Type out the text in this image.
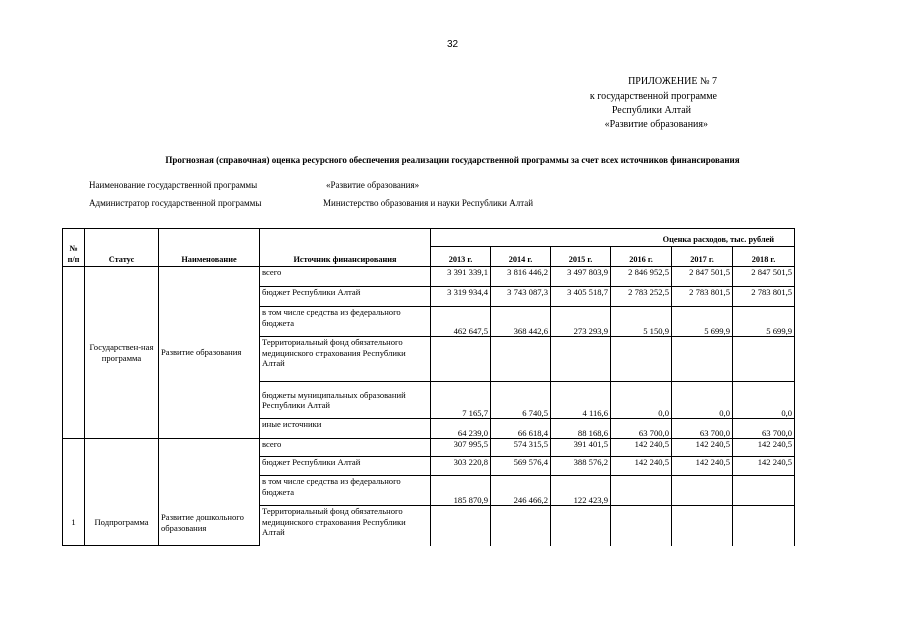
32
ПРИЛОЖЕНИЕ № 7
к государственной программе
Республики Алтай
«Развитие образования»
Прогнозная (справочная) оценка ресурсного обеспечения реализации государственной программы за счет всех источников финансирования
Наименование государственной программы	«Развитие образования»
Администратор государственной программы	Министерство образования и науки Республики Алтай
№ п/п	Статус	Наименование	Источник финансирования	Оценка расходов, тыс. рублей					
				2013 г.	2014 г.	2015 г.	2016 г.	2017 г.	2018 г.
	Государствен-ная программа	Развитие образования	всего	3 391 339,1	3 816 446,2	3 497 803,9	2 846 952,5	2 847 501,5	2 847 501,5
			бюджет Республики Алтай	3 319 934,4	3 743 087,3	3 405 518,7	2 783 252,5	2 783 801,5	2 783 801,5
			в том числе средства из федерального бюджета	462 647,5	368 442,6	273 293,9	5 150,9	5 699,9	5 699,9
			Территориальный фонд обязательного медицинского страхования Республики Алтай						
			бюджеты муниципальных образований Республики Алтай	7 165,7	6 740,5	4 116,6	0,0	0,0	0,0
			иные источники	64 239,0	66 618,4	88 168,6	63 700,0	63 700,0	63 700,0
1	Подпрограмма	Развитие дошкольного образования	всего	307 995,5	574 315,5	391 401,5	142 240,5	142 240,5	142 240,5
			бюджет Республики Алтай	303 220,8	569 576,4	388 576,2	142 240,5	142 240,5	142 240,5
			в том числе средства из федерального бюджета	185 870,9	246 466,2	122 423,9			
			Территориальный фонд обязательного медицинского страхования Республики Алтай						
